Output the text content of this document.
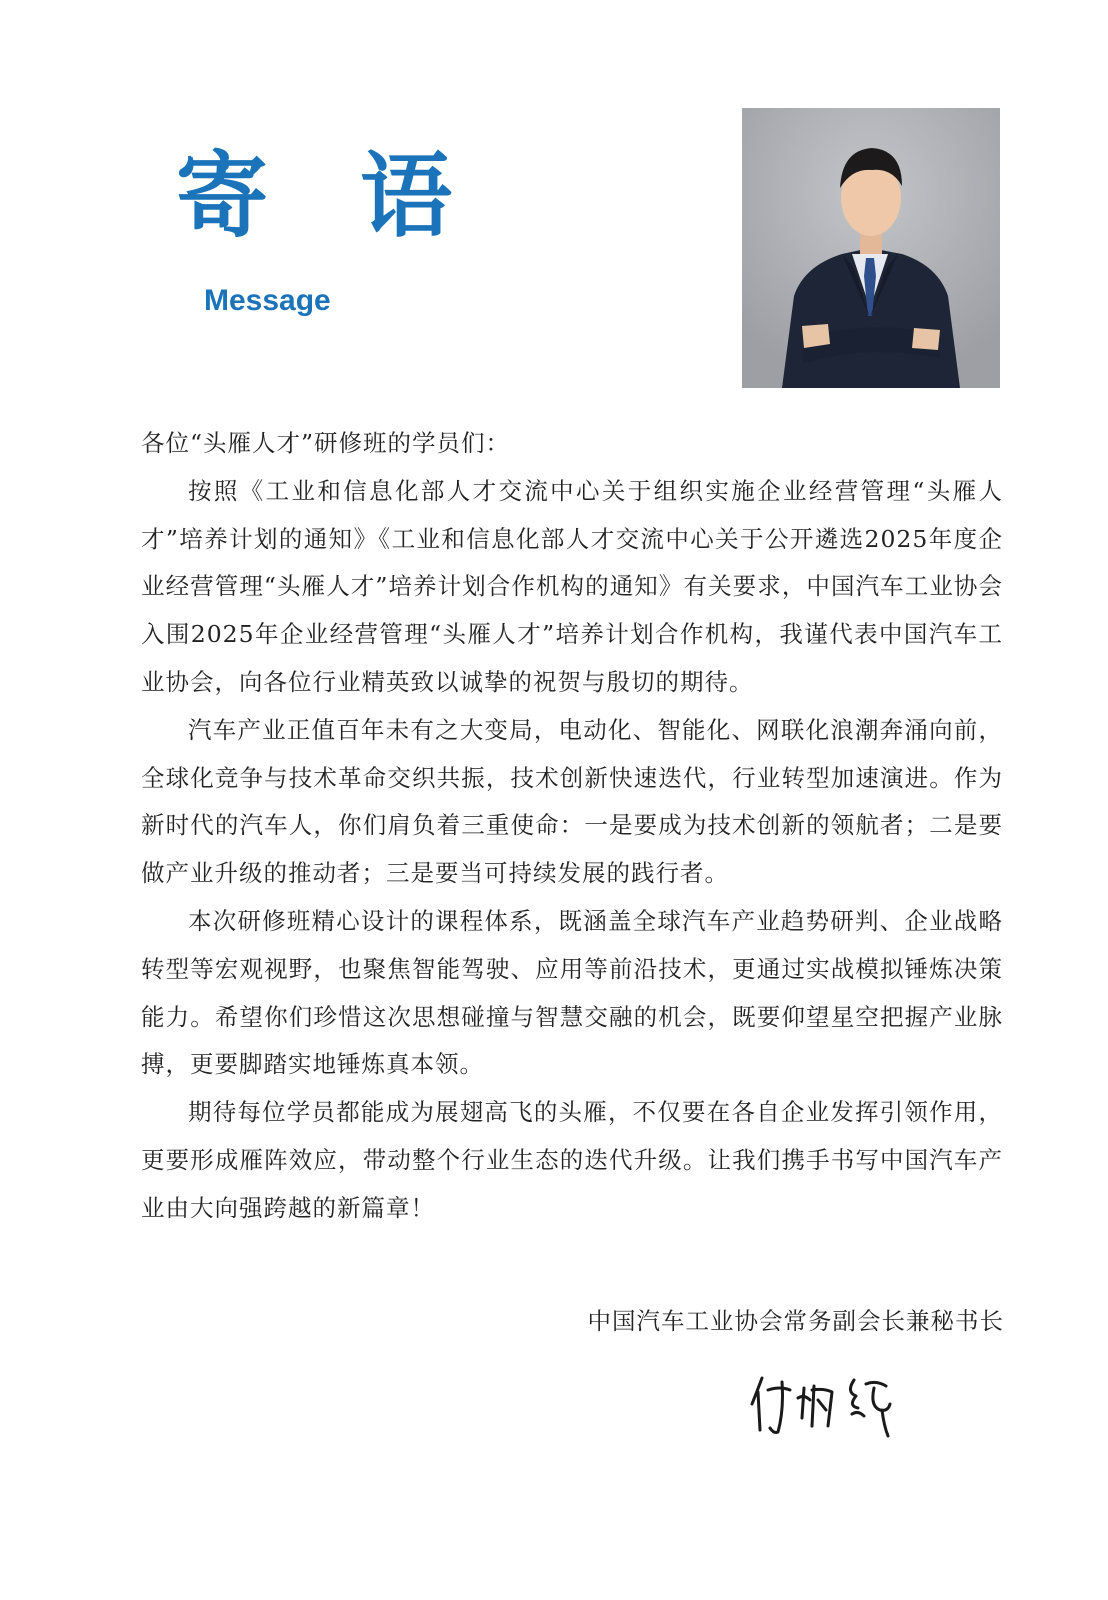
寄 语
Message

各位“头雁人才”研修班的学员们：

按照《工业和信息化部人才交流中心关于组织实施企业经营管理“头雁人才”培养计划的通知》《工业和信息化部人才交流中心关于公开遴选2025年度企业经营管理“头雁人才”培养计划合作机构的通知》有关要求，中国汽车工业协会入围2025年企业经营管理“头雁人才”培养计划合作机构，我谨代表中国汽车工业协会，向各位行业精英致以诚挚的祝贺与殷切的期待。

汽车产业正值百年未有之大变局，电动化、智能化、网联化浪潮奔涌向前，全球化竞争与技术革命交织共振，技术创新快速迭代，行业转型加速演进。作为新时代的汽车人，你们肩负着三重使命：一是要成为技术创新的领航者；二是要做产业升级的推动者；三是要当可持续发展的践行者。

本次研修班精心设计的课程体系，既涵盖全球汽车产业趋势研判、企业战略转型等宏观视野，也聚焦智能驾驶、应用等前沿技术，更通过实战模拟锤炼决策能力。希望你们珍惜这次思想碰撞与智慧交融的机会，既要仰望星空把握产业脉搏，更要脚踏实地锤炼真本领。

期待每位学员都能成为展翅高飞的头雁，不仅要在各自企业发挥引领作用，更要形成雁阵效应，带动整个行业生态的迭代升级。让我们携手书写中国汽车产业由大向强跨越的新篇章！

中国汽车工业协会常务副会长兼秘书长
